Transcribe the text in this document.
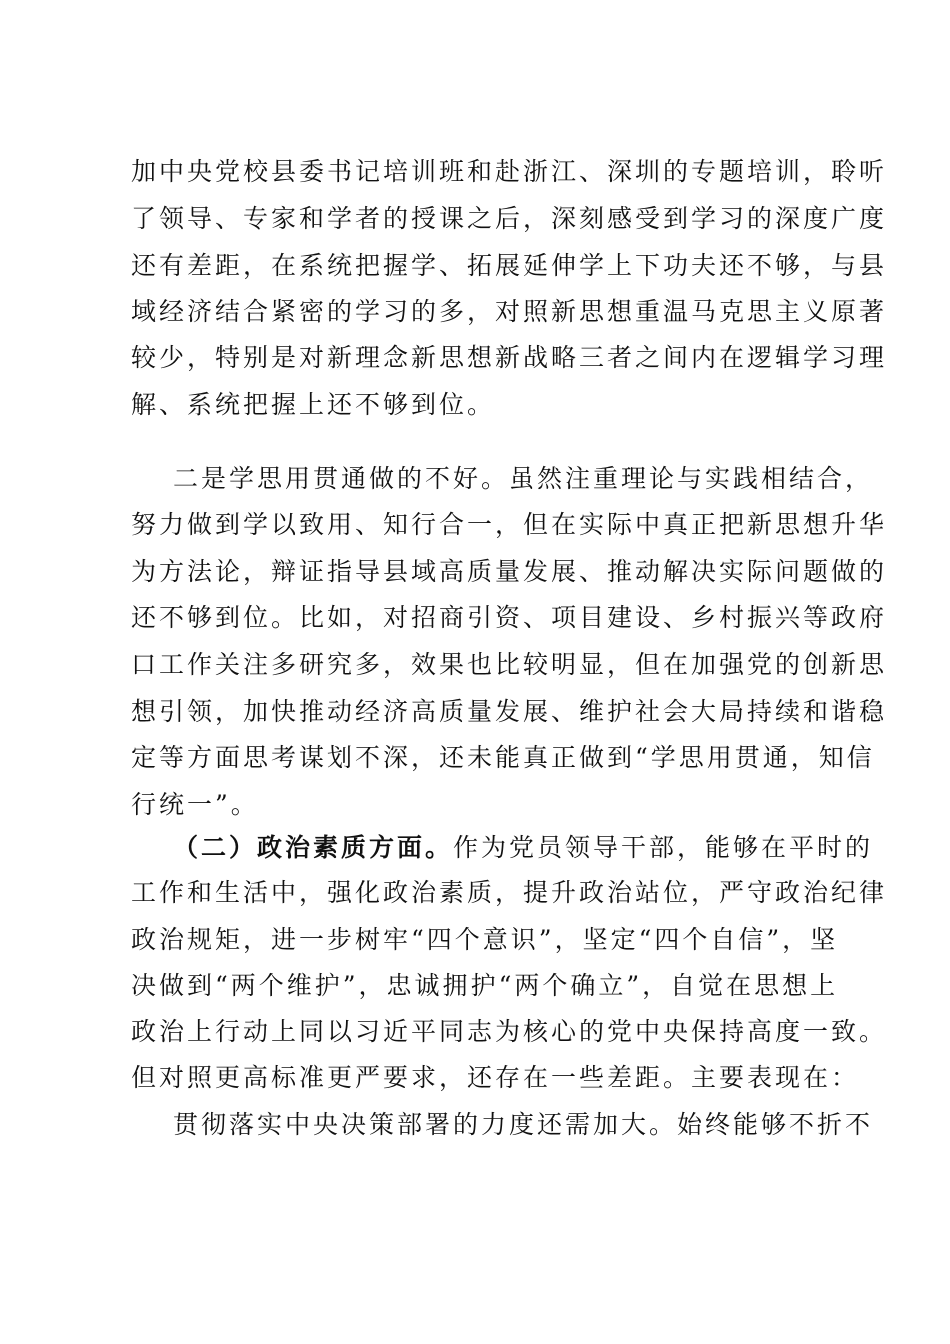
加中央党校县委书记培训班和赴浙江、深圳的专题培训，聆听
了领导、专家和学者的授课之后，深刻感受到学习的深度广度
还有差距，在系统把握学、拓展延伸学上下功夫还不够，与县
域经济结合紧密的学习的多，对照新思想重温马克思主义原著
较少，特别是对新理念新思想新战略三者之间内在逻辑学习理
解、系统把握上还不够到位。
二是学思用贯通做的不好。虽然注重理论与实践相结合，
努力做到学以致用、知行合一，但在实际中真正把新思想升华
为方法论，辩证指导县域高质量发展、推动解决实际问题做的
还不够到位。比如，对招商引资、项目建设、乡村振兴等政府
口工作关注多研究多，效果也比较明显，但在加强党的创新思
想引领，加快推动经济高质量发展、维护社会大局持续和谐稳
定等方面思考谋划不深，还未能真正做到“学思用贯通，知信
行统一”。
（二）政治素质方面。作为党员领导干部，能够在平时的
工作和生活中，强化政治素质，提升政治站位，严守政治纪律
政治规矩，进一步树牢“四个意识”，坚定“四个自信”，坚
决做到“两个维护”，忠诚拥护“两个确立”，自觉在思想上
政治上行动上同以习近平同志为核心的党中央保持高度一致。
但对照更高标准更严要求，还存在一些差距。主要表现在：
贯彻落实中央决策部署的力度还需加大。始终能够不折不
